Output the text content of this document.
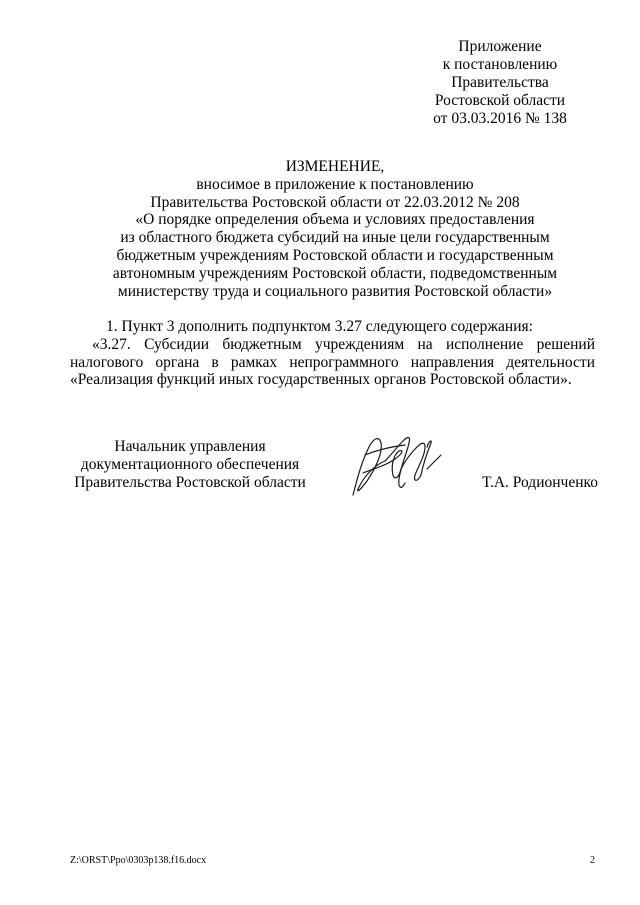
Приложение
к постановлению
Правительства
Ростовской области
от 03.03.2016 № 138
ИЗМЕНЕНИЕ,
вносимое в приложение к постановлению
Правительства Ростовской области от 22.03.2012 № 208
«О порядке определения объема и условиях предоставления
из областного бюджета субсидий на иные цели государственным
бюджетным учреждениям Ростовской области и государственным
автономным учреждениям Ростовской области, подведомственным
министерству труда и социального развития Ростовской области»
1. Пункт 3 дополнить подпунктом 3.27 следующего содержания:
«3.27. Субсидии бюджетным учреждениям на исполнение решений налогового органа в рамках непрограммного направления деятельности «Реализация функций иных государственных органов Ростовской области».
Начальник управления
документационного обеспечения
Правительства Ростовской области	Т.А. Родионченко
Z:\ORST\Ppo\0303p138.f16.docx	2
